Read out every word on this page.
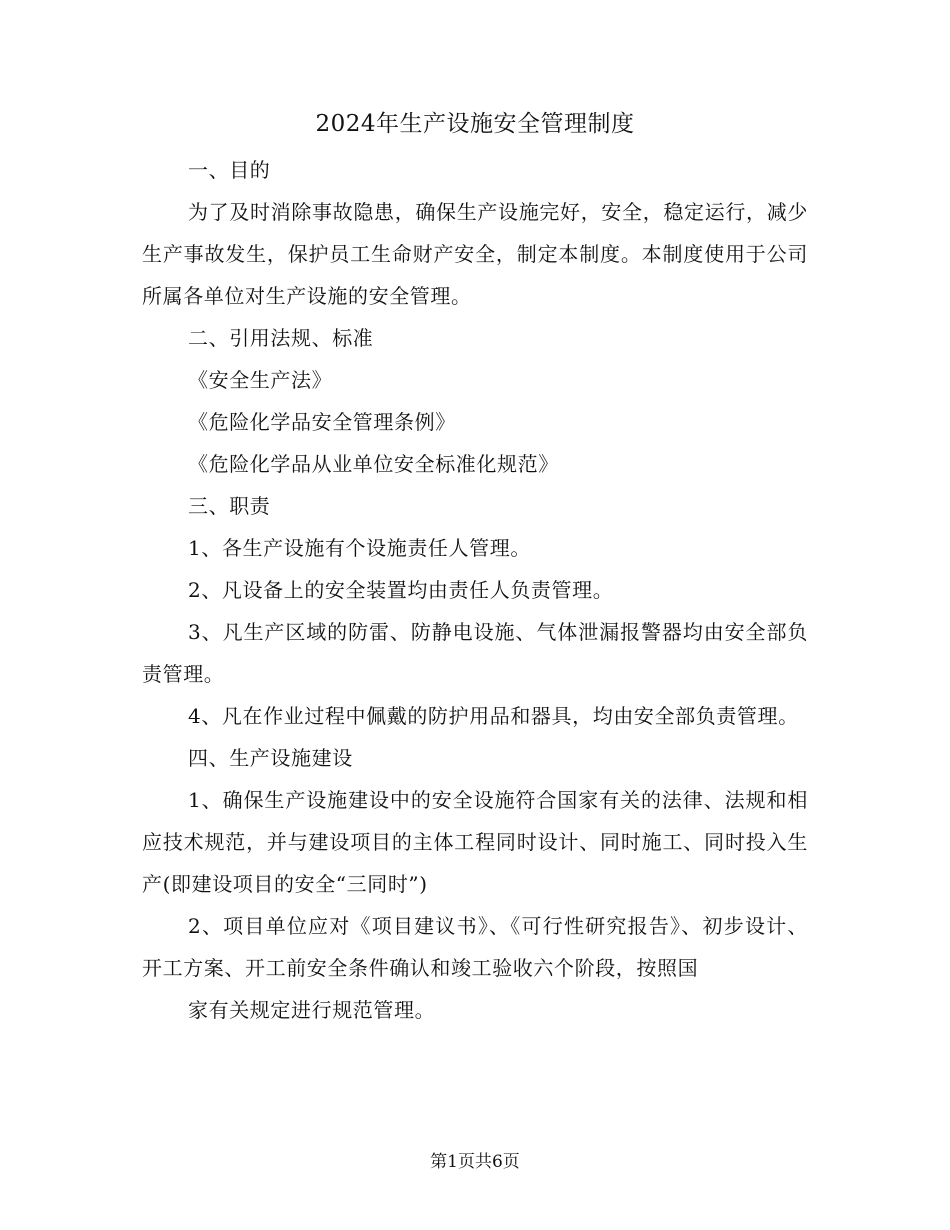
2024年生产设施安全管理制度

一、目的

为了及时消除事故隐患，确保生产设施完好，安全，稳定运行，减少生产事故发生，保护员工生命财产安全，制定本制度。本制度使用于公司所属各单位对生产设施的安全管理。

二、引用法规、标准

《安全生产法》

《危险化学品安全管理条例》

《危险化学品从业单位安全标准化规范》

三、职责

1、各生产设施有个设施责任人管理。

2、凡设备上的安全装置均由责任人负责管理。

3、凡生产区域的防雷、防静电设施、气体泄漏报警器均由安全部负责管理。

4、凡在作业过程中佩戴的防护用品和器具，均由安全部负责管理。

四、生产设施建设

1、确保生产设施建设中的安全设施符合国家有关的法律、法规和相应技术规范，并与建设项目的主体工程同时设计、同时施工、同时投入生产(即建设项目的安全“三同时”)

2、项目单位应对《项目建议书》、《可行性研究报告》、初步设计、开工方案、开工前安全条件确认和竣工验收六个阶段，按照国

家有关规定进行规范管理。

第1页共6页
